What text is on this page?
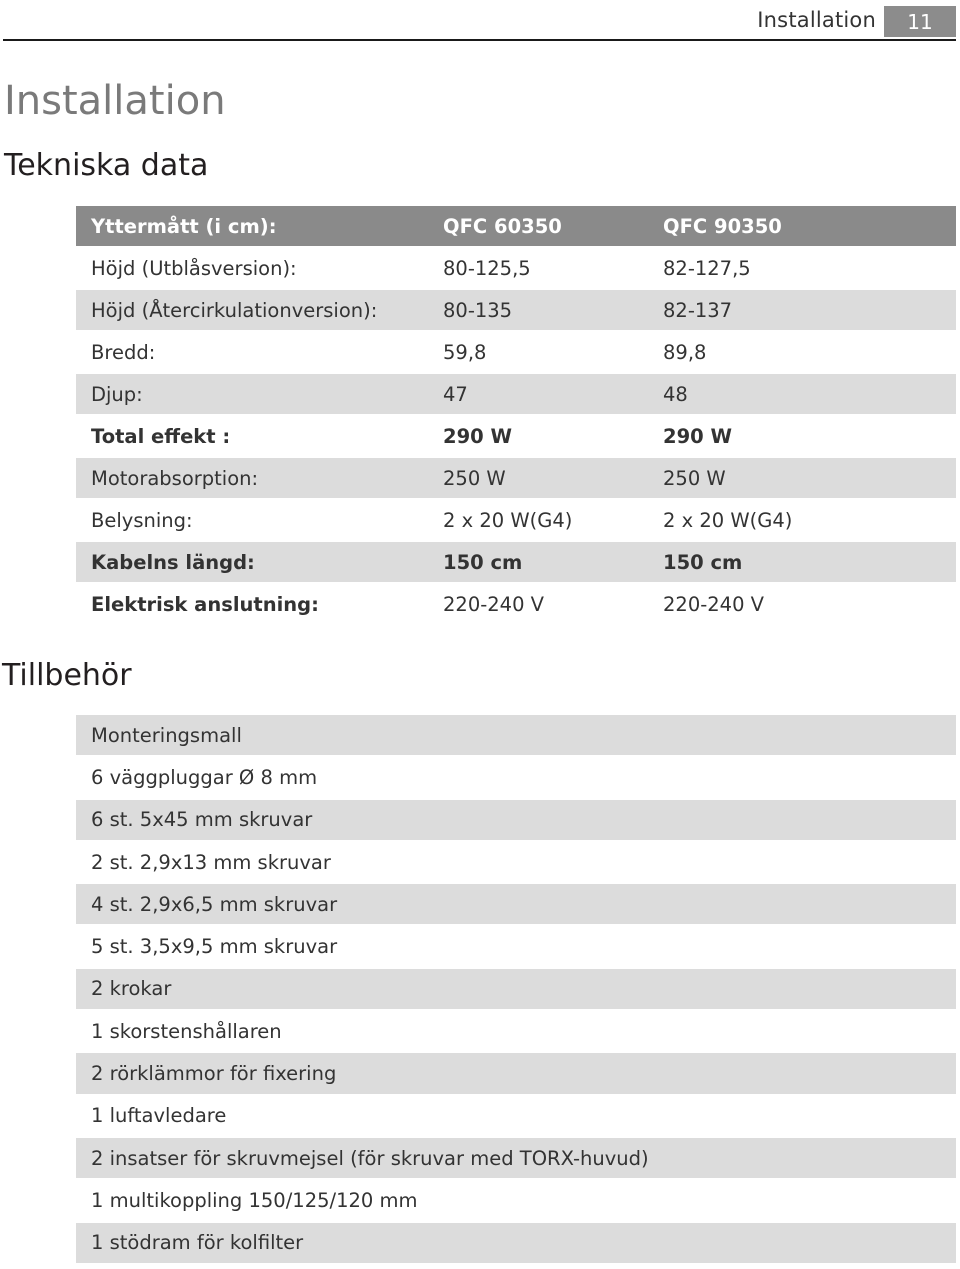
Installation 11
Installation
Tekniska data
Yttermått (i cm):	QFC 60350	QFC 90350
Höjd (Utblåsversion):	80-125,5	82-127,5
Höjd (Återcirkulationversion):	80-135	82-137
Bredd:	59,8	89,8
Djup:	47	48
Total effekt :	290 W	290 W
Motorabsorption:	250 W	250 W
Belysning:	2 x 20 W(G4)	2 x 20 W(G4)
Kabelns längd:	150 cm	150 cm
Elektrisk anslutning:	220-240 V	220-240 V
Tillbehör
Monteringsmall
6 väggpluggar Ø 8 mm
6 st. 5x45 mm skruvar
2 st. 2,9x13 mm skruvar
4 st. 2,9x6,5 mm skruvar
5 st. 3,5x9,5 mm skruvar
2 krokar
1 skorstenshållaren
2 rörklämmor för fixering
1 luftavledare
2 insatser för skruvmejsel (för skruvar med TORX-huvud)
1 multikoppling 150/125/120 mm
1 stödram för kolfilter
